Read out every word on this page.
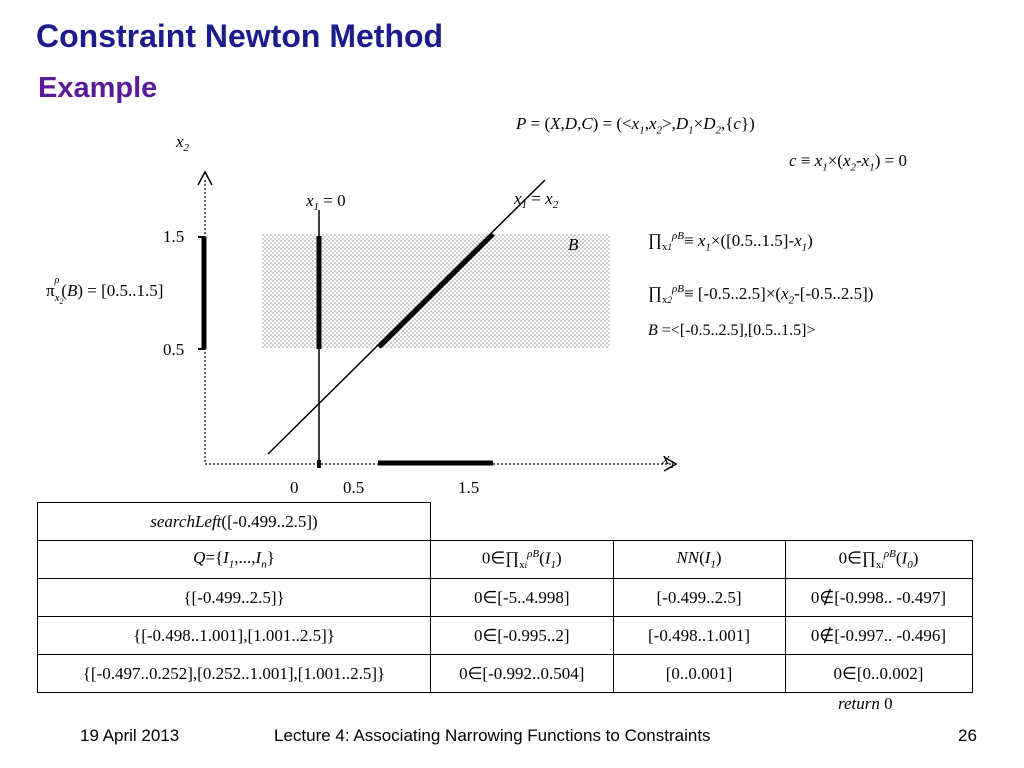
Constraint Newton Method
Example
$P = (X,D,C) = (<x_1,x_2>,D_1\times D_2,\{c\})$
$c \equiv x_1\times(x_2-x_1) = 0$
$x_2$
$x_1$
1.5
0.5
0	0.5	1.5
$x_1 = 0$	$x_1 = x_2$
B
$\pi_x2\rho(B) = [0.5..1.5]$
$\prod_{x1}^{\rho B}\equiv x_1\times([0.5..1.5]-x_1)$
$\prod_{x2}^{\rho B}\equiv [-0.5..2.5]\times(x_2-[-0.5..2.5])$
B =<[-0.5..2.5],[0.5..1.5]>
searchLeft([-0.499..2.5])			
$Q=\{I_1,...,I_n\}$	$0\in\prod_{xi}^{\rho B}(I_1)$	$NN(I_1)$	$0\in\prod_{xi}^{\rho B}(I_0)$
{[-0.499..2.5]}	0∈[-5..4.998]	[-0.499..2.5]	0∉[-0.998.. -0.497]
{[-0.498..1.001],[1.001..2.5]}	0∈[-0.995..2]	[-0.498..1.001]	0∉[-0.997.. -0.496]
{[-0.497..0.252],[0.252..1.001],[1.001..2.5]}	0∈[-0.992..0.504]	[0..0.001]	0∈[0..0.002]
return 0
19 April 2013	Lecture 4: Associating Narrowing Functions to Constraints	26
